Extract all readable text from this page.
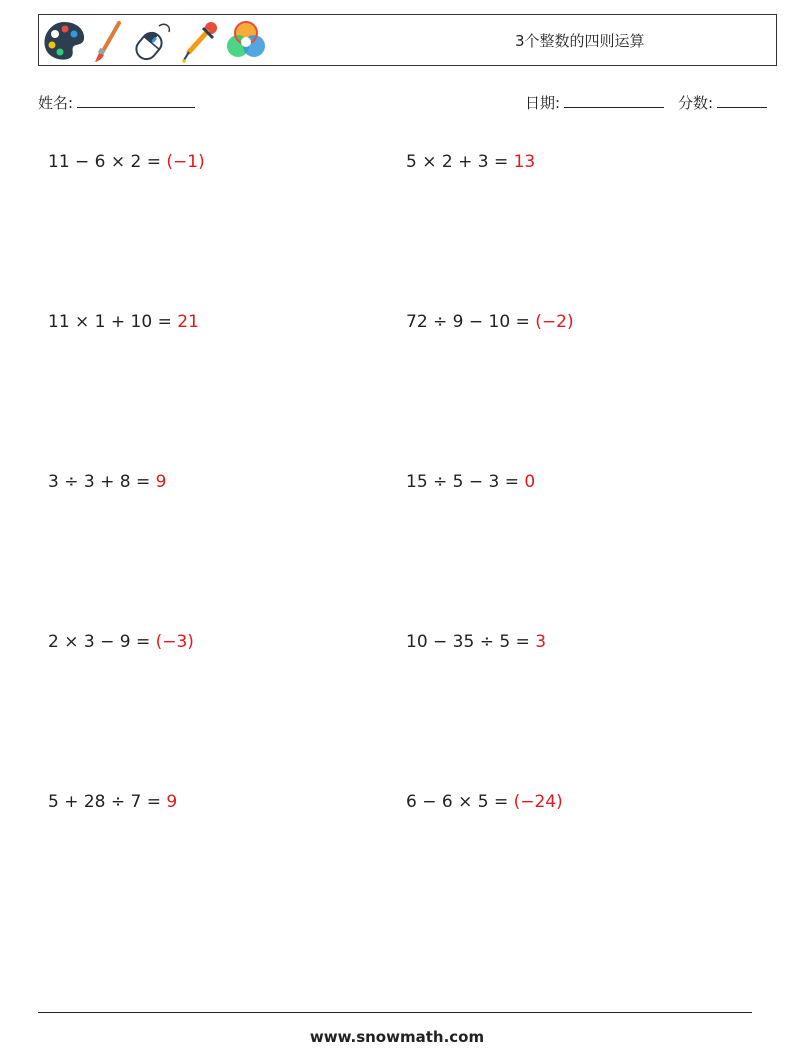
3个整数的四则运算
姓名:	日期:	分数:
11 − 6 × 2 = (−1)	5 × 2 + 3 = 13
11 × 1 + 10 = 21	72 ÷ 9 − 10 = (−2)
3 ÷ 3 + 8 = 9	15 ÷ 5 − 3 = 0
2 × 3 − 9 = (−3)	10 − 35 ÷ 5 = 3
5 + 28 ÷ 7 = 9	6 − 6 × 5 = (−24)
www.snowmath.com
